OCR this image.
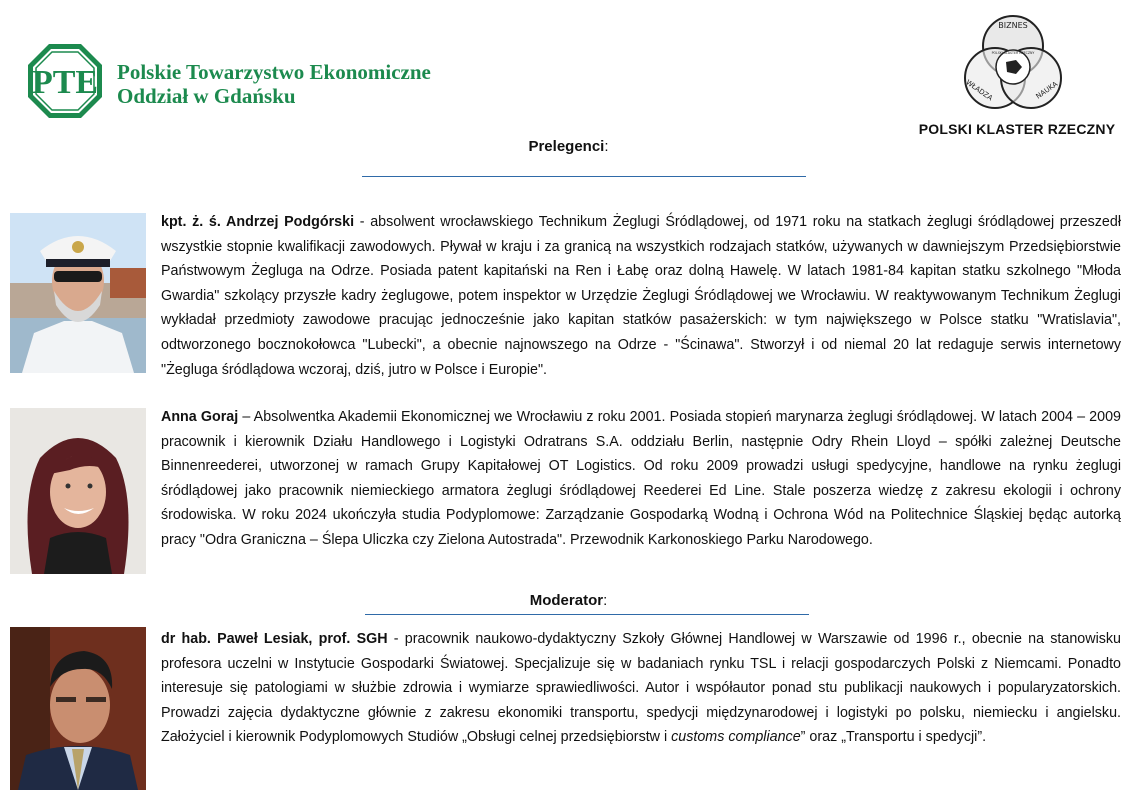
PTE Polskie Towarzystwo Ekonomiczne
Oddział w Gdańsku
BIZNES
WŁADZA	NAUKA
POLSKI KLASTER RZECZNY
POLSKI KLASTER RZECZNY
Prelegenci:

kpt. ż. ś. Andrzej Podgórski - absolwent wrocławskiego Technikum Żeglugi Śródlądowej, od 1971 roku na statkach żeglugi śródlądowej przeszedł wszystkie stopnie kwalifikacji zawodowych. Pływał w kraju i za granicą na wszystkich rodzajach statków, używanych w dawniejszym Przedsiębiorstwie Państwowym Żegluga na Odrze. Posiada patent kapitański na Ren i Łabę oraz dolną Hawelę. W latach 1981-84 kapitan statku szkolnego "Młoda Gwardia" szkolący przyszłe kadry żeglugowe, potem inspektor w Urzędzie Żeglugi Śródlądowej we Wrocławiu. W reaktywowanym Technikum Żeglugi wykładał przedmioty zawodowe pracując jednocześnie jako kapitan statków pasażerskich: w tym największego w Polsce statku "Wratislavia", odtworzonego bocznokołowca "Lubecki", a obecnie najnowszego na Odrze - "Ścinawa". Stworzył i od niemal 20 lat redaguje serwis internetowy "Żegluga śródlądowa wczoraj, dziś, jutro w Polsce i Europie".

Anna Goraj – Absolwentka Akademii Ekonomicznej we Wrocławiu z roku 2001. Posiada stopień marynarza żeglugi śródlądowej. W latach 2004 – 2009 pracownik i kierownik Działu Handlowego i Logistyki Odratrans S.A. oddziału Berlin, następnie Odry Rhein Lloyd – spółki zależnej Deutsche Binnenreederei, utworzonej w ramach Grupy Kapitałowej OT Logistics. Od roku 2009 prowadzi usługi spedycyjne, handlowe na rynku żeglugi śródlądowej jako pracownik niemieckiego armatora żeglugi śródlądowej Reederei Ed Line. Stale poszerza wiedzę z zakresu ekologii i ochrony środowiska. W roku 2024 ukończyła studia Podyplomowe: Zarządzanie Gospodarką Wodną i Ochrona Wód na Politechnice Śląskiej będąc autorką pracy "Odra Graniczna – Ślepa Uliczka czy Zielona Autostrada". Przewodnik Karkonoskiego Parku Narodowego.

Moderator:

dr hab. Paweł Lesiak, prof. SGH - pracownik naukowo-dydaktyczny Szkoły Głównej Handlowej w Warszawie od 1996 r., obecnie na stanowisku profesora uczelni w Instytucie Gospodarki Światowej. Specjalizuje się w badaniach rynku TSL i relacji gospodarczych Polski z Niemcami. Ponadto interesuje się patologiami w służbie zdrowia i wymiarze sprawiedliwości. Autor i współautor ponad stu publikacji naukowych i popularyzatorskich. Prowadzi zajęcia dydaktyczne głównie z zakresu ekonomiki transportu, spedycji międzynarodowej i logistyki po polsku, niemiecku i angielsku. Założyciel i kierownik Podyplomowych Studiów „Obsługi celnej przedsiębiorstw i customs compliance” oraz „Transportu i spedycji”.
